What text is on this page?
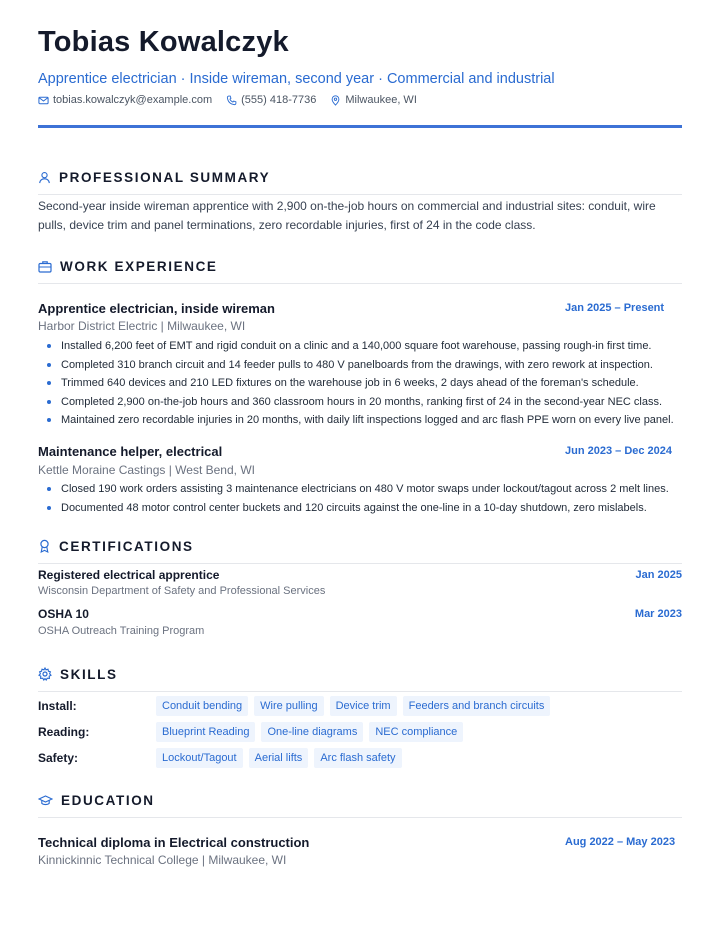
Tobias Kowalczyk
Apprentice electrician · Inside wireman, second year · Commercial and industrial
tobias.kowalczyk@example.com	(555) 418-7736	Milwaukee, WI
PROFESSIONAL SUMMARY
Second-year inside wireman apprentice with 2,900 on-the-job hours on commercial and industrial sites: conduit, wire pulls, device trim and panel terminations, zero recordable injuries, first of 24 in the code class.
WORK EXPERIENCE
Apprentice electrician, inside wireman	Jan 2025 – Present
Harbor District Electric | Milwaukee, WI
Installed 6,200 feet of EMT and rigid conduit on a clinic and a 140,000 square foot warehouse, passing rough-in first time.
Completed 310 branch circuit and 14 feeder pulls to 480 V panelboards from the drawings, with zero rework at inspection.
Trimmed 640 devices and 210 LED fixtures on the warehouse job in 6 weeks, 2 days ahead of the foreman's schedule.
Completed 2,900 on-the-job hours and 360 classroom hours in 20 months, ranking first of 24 in the second-year NEC class.
Maintained zero recordable injuries in 20 months, with daily lift inspections logged and arc flash PPE worn on every live panel.
Maintenance helper, electrical	Jun 2023 – Dec 2024
Kettle Moraine Castings | West Bend, WI
Closed 190 work orders assisting 3 maintenance electricians on 480 V motor swaps under lockout/tagout across 2 melt lines.
Documented 48 motor control center buckets and 120 circuits against the one-line in a 10-day shutdown, zero mislabels.
CERTIFICATIONS
Registered electrical apprentice	Jan 2025
Wisconsin Department of Safety and Professional Services
OSHA 10	Mar 2023
OSHA Outreach Training Program
SKILLS
Install:	Conduit bending	Wire pulling	Device trim	Feeders and branch circuits
Reading:	Blueprint Reading	One-line diagrams	NEC compliance
Safety:	Lockout/Tagout	Aerial lifts	Arc flash safety
EDUCATION
Technical diploma in Electrical construction	Aug 2022 – May 2023
Kinnickinnic Technical College | Milwaukee, WI
